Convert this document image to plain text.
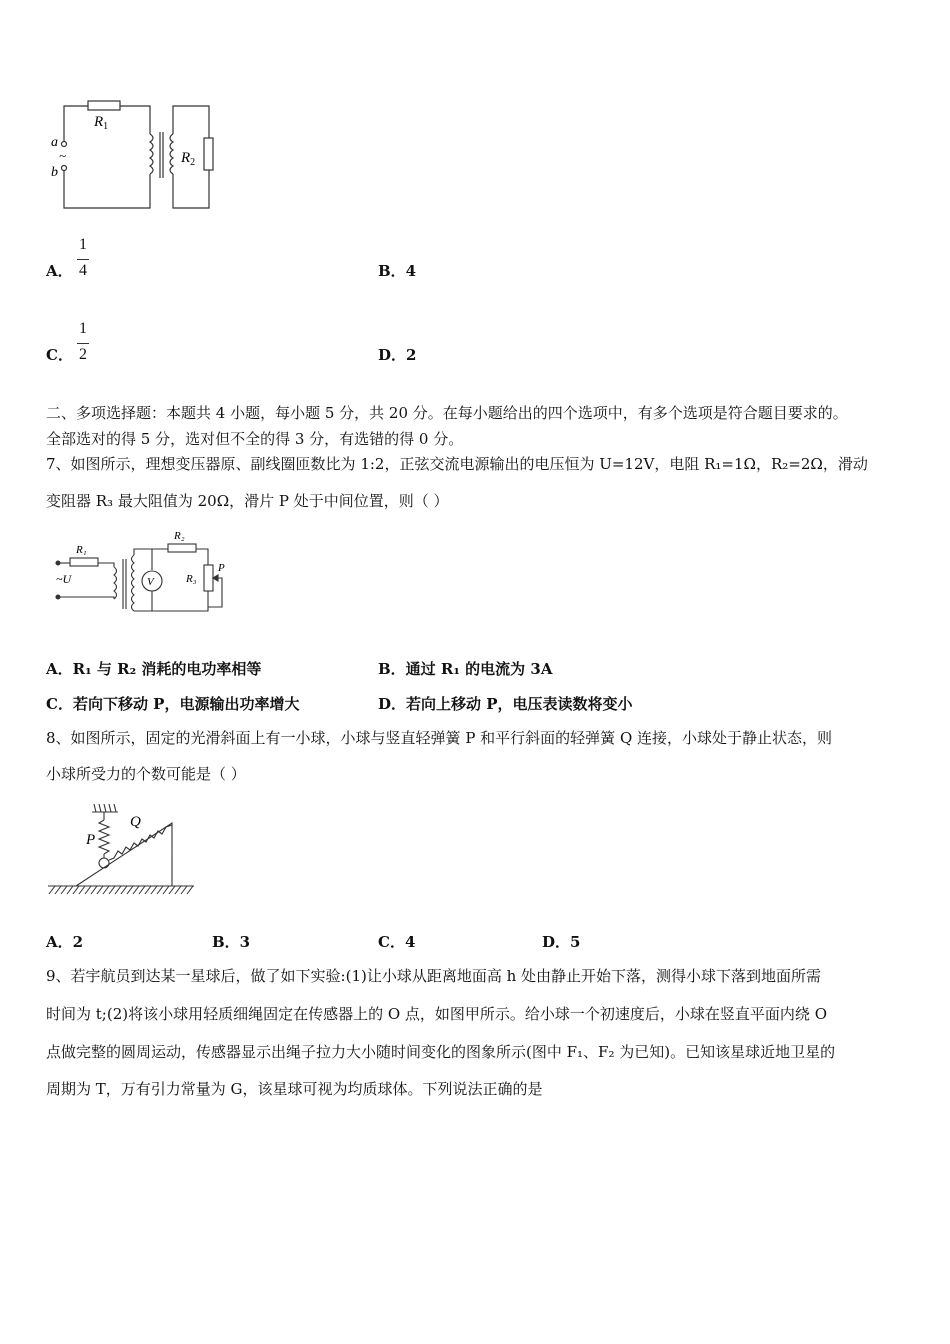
$R_1$
$R_2$
a
~
b
A．
1
4	B．4
C．
1
2	D．2
二、多项选择题：本题共 4 小题，每小题 5 分，共 20 分。在每小题给出的四个选项中，有多个选项是符合题目要求的。
全部选对的得 5 分，选对但不全的得 3 分，有选错的得 0 分。
7、如图所示，理想变压器原、副线圈匝数比为 1:2，正弦交流电源输出的电压恒为 U=12V，电阻 R₁=1Ω，R₂=2Ω，滑动
变阻器 R₃ 最大阻值为 20Ω，滑片 P 处于中间位置，则（ ）
R₁
R₂
R₃
~U	V
P
A．R₁ 与 R₂ 消耗的电功率相等	B．通过 R₁ 的电流为 3A
C．若向下移动 P，电源输出功率增大	D．若向上移动 P，电压表读数将变小
8、如图所示，固定的光滑斜面上有一小球，小球与竖直轻弹簧 P 和平行斜面的轻弹簧 Q 连接，小球处于静止状态，则
小球所受力的个数可能是（ ）
P
Q
A．2	B．3	C．4	D．5
9、若宇航员到达某一星球后，做了如下实验:(1)让小球从距离地面高 h 处由静止开始下落，测得小球下落到地面所需
时间为 t;(2)将该小球用轻质细绳固定在传感器上的 O 点，如图甲所示。给小球一个初速度后，小球在竖直平面内绕 O
点做完整的圆周运动，传感器显示出绳子拉力大小随时间变化的图象所示(图中 F₁、F₂ 为已知)。已知该星球近地卫星的
周期为 T，万有引力常量为 G，该星球可视为均质球体。下列说法正确的是
